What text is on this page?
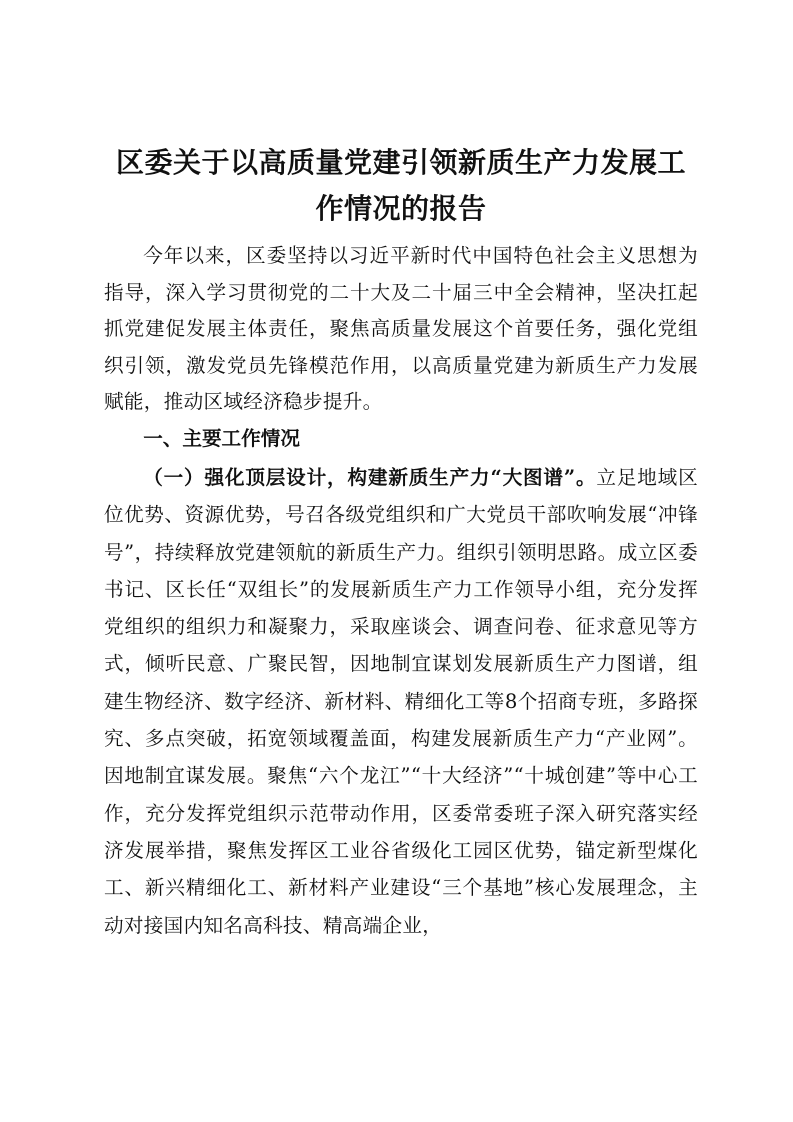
区委关于以高质量党建引领新质生产力发展工作情况的报告

今年以来，区委坚持以习近平新时代中国特色社会主义思想为指导，深入学习贯彻党的二十大及二十届三中全会精神，坚决扛起抓党建促发展主体责任，聚焦高质量发展这个首要任务，强化党组织引领，激发党员先锋模范作用，以高质量党建为新质生产力发展赋能，推动区域经济稳步提升。

一、主要工作情况

（一）强化顶层设计，构建新质生产力“大图谱”。立足地域区位优势、资源优势，号召各级党组织和广大党员干部吹响发展“冲锋号”，持续释放党建领航的新质生产力。组织引领明思路。成立区委书记、区长任“双组长”的发展新质生产力工作领导小组，充分发挥党组织的组织力和凝聚力，采取座谈会、调查问卷、征求意见等方式，倾听民意、广聚民智，因地制宜谋划发展新质生产力图谱，组建生物经济、数字经济、新材料、精细化工等8个招商专班，多路探究、多点突破，拓宽领域覆盖面，构建发展新质生产力“产业网”。因地制宜谋发展。聚焦“六个龙江”“十大经济”“十城创建”等中心工作，充分发挥党组织示范带动作用，区委常委班子深入研究落实经济发展举措，聚焦发挥区工业谷省级化工园区优势，锚定新型煤化工、新兴精细化工、新材料产业建设“三个基地”核心发展理念，主动对接国内知名高科技、精高端企业，
